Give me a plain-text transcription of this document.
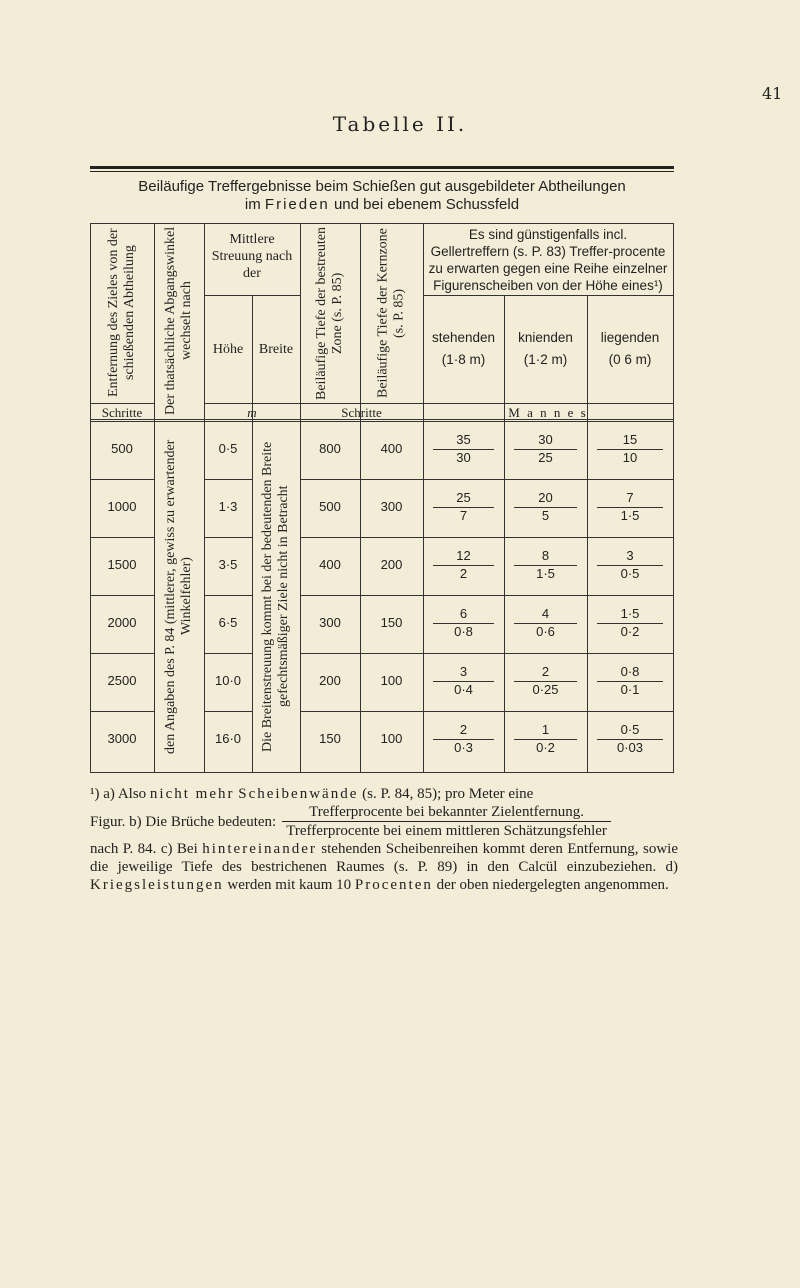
41
Tabelle II.
Beiläufige Treffergebnisse beim Schießen gut ausgebildeter Abtheilungen
im Frieden und bei ebenem Schussfeld
Entfernung des Zieles von der schießenden Abtheilung	Der thatsächliche Abgangswinkel wechselt nach
Mittlere Streuung nach der
Höhe	Breite	Beiläufige Tiefe der bestreuten Zone (s. P. 85)	Beiläufige Tiefe der Kernzone (s. P. 85)
Es sind günstigenfalls incl. Gellertreffern (s. P. 83) Treffer-procente zu erwarten gegen eine Reihe einzelner Figurenscheiben von der Höhe eines¹)
stehenden
(1·8 m)
knienden
(1·2 m)
liegenden
(0 6 m)
Schritte	m	Schritte	M a n n e s
den Angaben des P. 84 (mittlerer, gewiss zu erwartender Winkelfehler)	Die Breitenstreuung kommt bei der bedeutenden Breite gefechtsmäßiger Ziele nicht in Betracht
500	0·5	800	400	$\frac{35}{30} \frac{30}{25} \frac{15}{10}$
1000	1·3	500	300	$\frac{25}{7} \frac{20}{5} \frac{7}{1\cdot 5}$
1500	3·5	400	200	$\frac{12}{2} \frac{8}{1\cdot 5} \frac{3}{0\cdot 5}$
2000	6·5	300	150	$\frac{6}{0\cdot 8} \frac{4}{0\cdot 6} \frac{1\cdot 5}{0\cdot 2}$
2500	10·0	200	100	$\frac{3}{0\cdot 4} \frac{2}{0\cdot 25} \frac{0\cdot 8}{0\cdot 1}$
3000	16·0	150	100	$\frac{2}{0\cdot 3} \frac{1}{0\cdot 2} \frac{0\cdot 5}{0\cdot 03}$

¹) a) Also nicht mehr Scheibenwände (s. P. 84, 85); pro Meter eine

Figur. b) Die Brüche bedeuten: $\frac{\text{Trefferprocente bei bekannter Zielentfernung.}}{\text{Trefferprocente bei einem mittleren Schätzungsfehler}}$

nach P. 84. c) Bei hintereinander stehenden Scheibenreihen kommt deren Entfernung, sowie die jeweilige Tiefe des bestrichenen Raumes (s. P. 89) in den Calcül einzubeziehen. d) Kriegsleistungen werden mit kaum 10 Procenten der oben niedergelegten angenommen.
